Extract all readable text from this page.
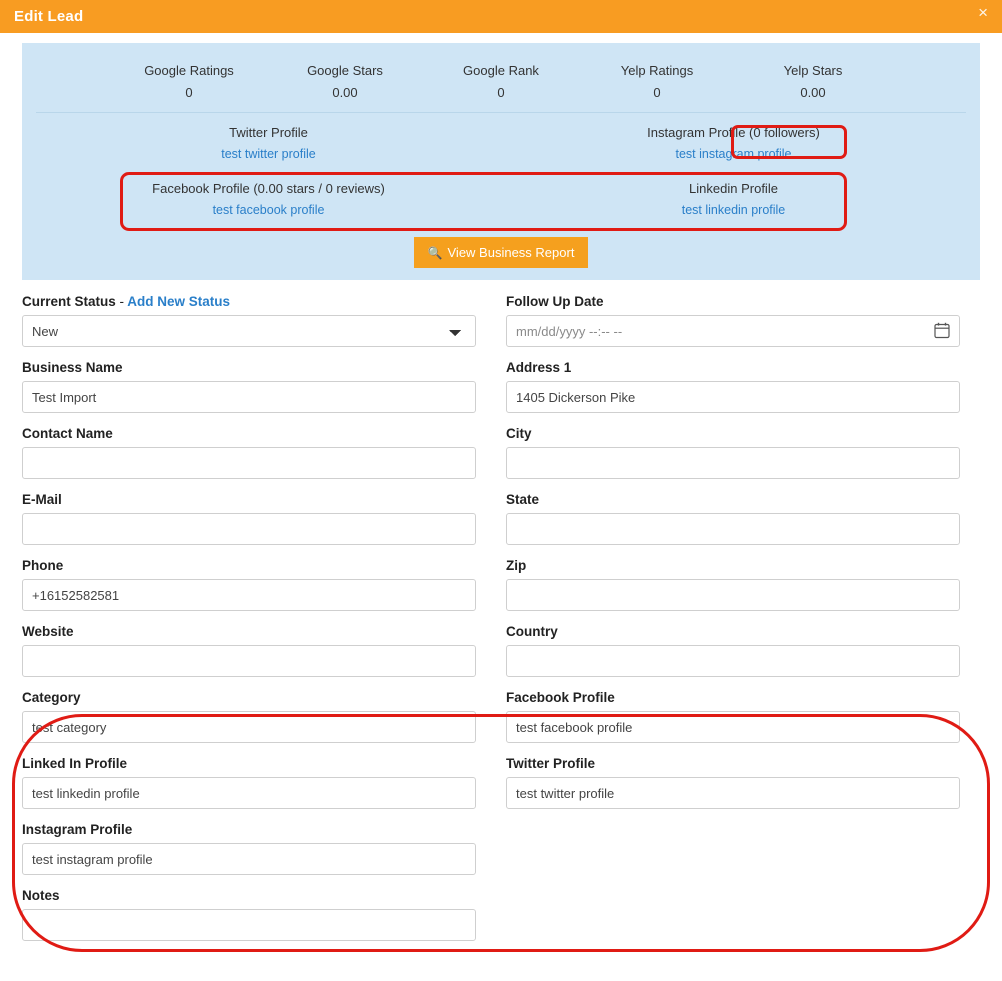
Edit Lead	×
Google Ratings
0
Google Stars
0.00
Google Rank
0
Yelp Ratings
0
Yelp Stars
0.00
Twitter Profile
test twitter profile
Instagram Profile (0 followers)
test instagram profile
Facebook Profile (0.00 stars / 0 reviews)
test facebook profile
Linkedin Profile
test linkedin profile
🔍 View Business Report
Current Status - Add New Status
New
Business Name
Test Import
Contact Name
E-Mail
Phone
+16152582581
Website
Category
test category
Linked In Profile
test linkedin profile
Instagram Profile
test instagram profile
Notes
Follow Up Date
mm/dd/yyyy --:-- --
Address 1
1405 Dickerson Pike
City
State
Zip
Country
Facebook Profile
test facebook profile
Twitter Profile
test twitter profile
